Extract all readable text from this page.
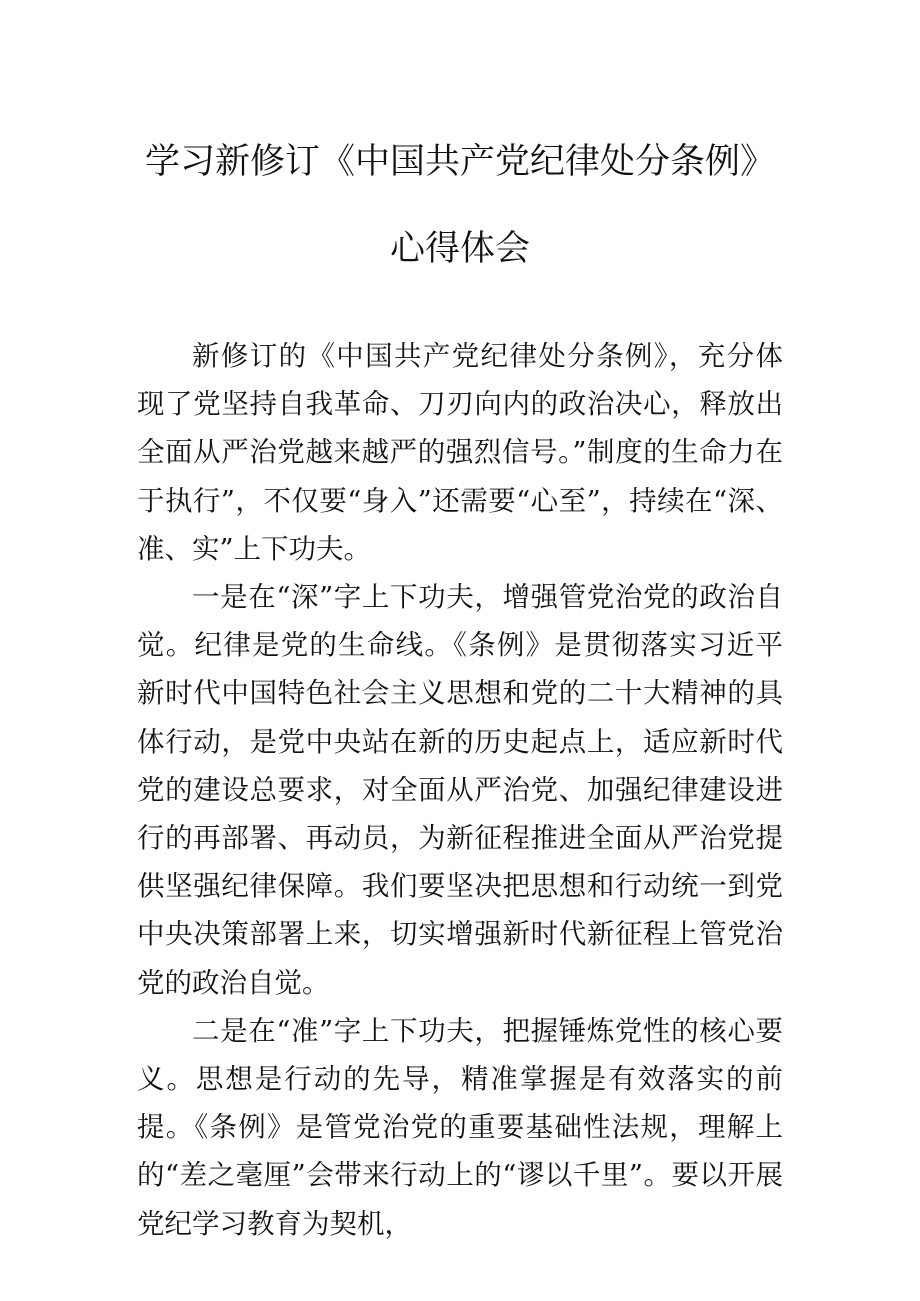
学习新修订《中国共产党纪律处分条例》
心得体会

新修订的《中国共产党纪律处分条例》，充分体现了党坚持自我革命、刀刃向内的政治决心，释放出全面从严治党越来越严的强烈信号。”制度的生命力在于执行”，不仅要“身入”还需要“心至”，持续在“深、准、实”上下功夫。

一是在“深”字上下功夫，增强管党治党的政治自觉。纪律是党的生命线。《条例》是贯彻落实习近平新时代中国特色社会主义思想和党的二十大精神的具体行动，是党中央站在新的历史起点上，适应新时代党的建设总要求，对全面从严治党、加强纪律建设进行的再部署、再动员，为新征程推进全面从严治党提供坚强纪律保障。我们要坚决把思想和行动统一到党中央决策部署上来，切实增强新时代新征程上管党治党的政治自觉。

二是在“准”字上下功夫，把握锤炼党性的核心要义。思想是行动的先导，精准掌握是有效落实的前提。《条例》是管党治党的重要基础性法规，理解上的“差之毫厘”会带来行动上的“谬以千里”。要以开展党纪学习教育为契机，
